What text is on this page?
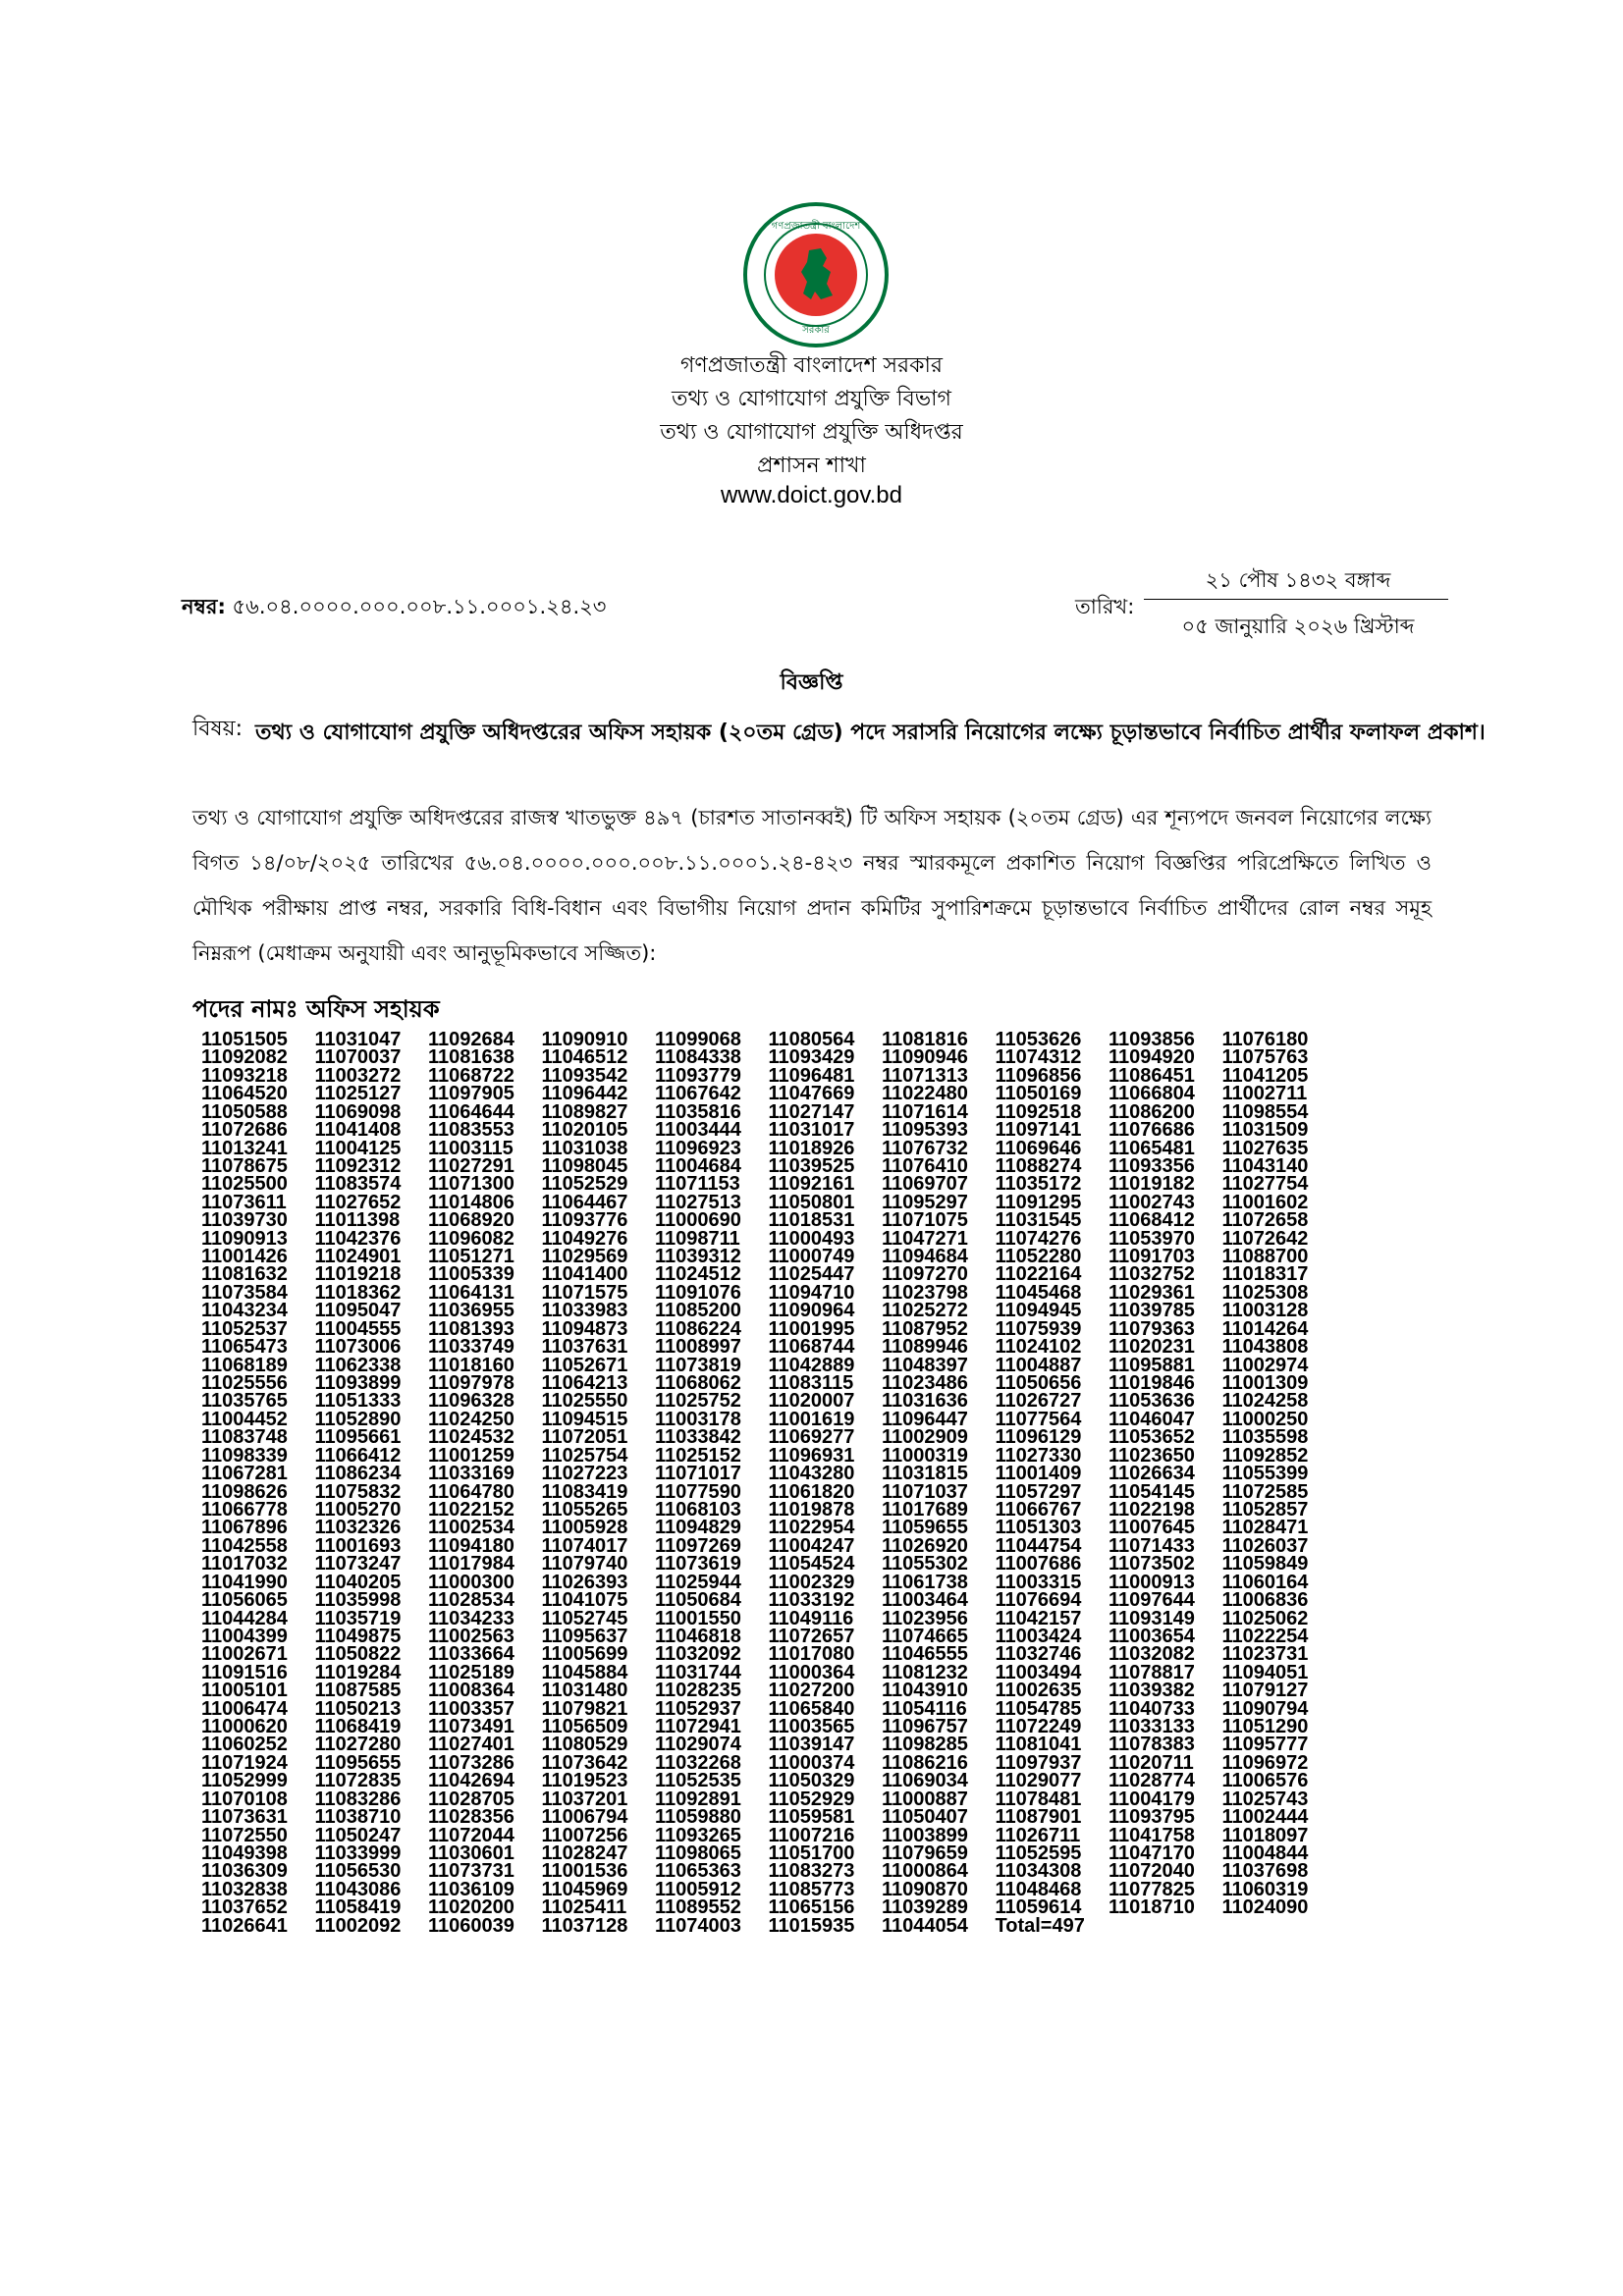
গণপ্রজাতন্ত্রী বাংলাদেশ
সরকার
গণপ্রজাতন্ত্রী বাংলাদেশ সরকার
তথ্য ও যোগাযোগ প্রযুক্তি বিভাগ
তথ্য ও যোগাযোগ প্রযুক্তি অধিদপ্তর
প্রশাসন শাখা
www.doict.gov.bd
নম্বর: ৫৬.০৪.০০০০.০০০.০০৮.১১.০০০১.২৪.২৩	তারিখ:
২১ পৌষ ১৪৩২ বঙ্গাব্দ
০৫ জানুয়ারি ২০২৬ খ্রিস্টাব্দ
বিজ্ঞপ্তি
বিষয়: তথ্য ও যোগাযোগ প্রযুক্তি অধিদপ্তরের অফিস সহায়ক (২০তম গ্রেড) পদে সরাসরি নিয়োগের লক্ষ্যে চূড়ান্তভাবে নির্বাচিত প্রার্থীর ফলাফল প্রকাশ।
তথ্য ও যোগাযোগ প্রযুক্তি অধিদপ্তরের রাজস্ব খাতভুক্ত ৪৯৭ (চারশত সাতানব্বই) টি অফিস সহায়ক (২০তম গ্রেড) এর শূন্যপদে জনবল নিয়োগের লক্ষ্যে বিগত ১৪/০৮/২০২৫ তারিখের ৫৬.০৪.০০০০.০০০.০০৮.১১.০০০১.২৪-৪২৩ নম্বর স্মারকমূলে প্রকাশিত নিয়োগ বিজ্ঞপ্তির পরিপ্রেক্ষিতে লিখিত ও মৌখিক পরীক্ষায় প্রাপ্ত নম্বর, সরকারি বিধি-বিধান এবং বিভাগীয় নিয়োগ প্রদান কমিটির সুপারিশক্রমে চূড়ান্তভাবে নির্বাচিত প্রার্থীদের রোল নম্বর সমূহ নিম্নরূপ (মেধাক্রম অনুযায়ী এবং আনুভূমিকভাবে সজ্জিত):
পদের নামঃ অফিস সহায়ক
11051505 11031047 11092684 11090910 11099068 11080564 11081816 11053626 11093856 11076180
11092082 11070037 11081638 11046512 11084338 11093429 11090946 11074312 11094920 11075763
11093218 11003272 11068722 11093542 11093779 11096481 11071313 11096856 11086451 11041205
11064520 11025127 11097905 11096442 11067642 11047669 11022480 11050169 11066804 11002711
11050588 11069098 11064644 11089827 11035816 11027147 11071614 11092518 11086200 11098554
11072686 11041408 11083553 11020105 11003444 11031017 11095393 11097141 11076686 11031509
11013241 11004125 11003115 11031038 11096923 11018926 11076732 11069646 11065481 11027635
11078675 11092312 11027291 11098045 11004684 11039525 11076410 11088274 11093356 11043140
11025500 11083574 11071300 11052529 11071153 11092161 11069707 11035172 11019182 11027754
11073611 11027652 11014806 11064467 11027513 11050801 11095297 11091295 11002743 11001602
11039730 11011398 11068920 11093776 11000690 11018531 11071075 11031545 11068412 11072658
11090913 11042376 11096082 11049276 11098711 11000493 11047271 11074276 11053970 11072642
11001426 11024901 11051271 11029569 11039312 11000749 11094684 11052280 11091703 11088700
11081632 11019218 11005339 11041400 11024512 11025447 11097270 11022164 11032752 11018317
11073584 11018362 11064131 11071575 11091076 11094710 11023798 11045468 11029361 11025308
11043234 11095047 11036955 11033983 11085200 11090964 11025272 11094945 11039785 11003128
11052537 11004555 11081393 11094873 11086224 11001995 11087952 11075939 11079363 11014264
11065473 11073006 11033749 11037631 11008997 11068744 11089946 11024102 11020231 11043808
11068189 11062338 11018160 11052671 11073819 11042889 11048397 11004887 11095881 11002974
11025556 11093899 11097978 11064213 11068062 11083115 11023486 11050656 11019846 11001309
11035765 11051333 11096328 11025550 11025752 11020007 11031636 11026727 11053636 11024258
11004452 11052890 11024250 11094515 11003178 11001619 11096447 11077564 11046047 11000250
11083748 11095661 11024532 11072051 11033842 11069277 11002909 11096129 11053652 11035598
11098339 11066412 11001259 11025754 11025152 11096931 11000319 11027330 11023650 11092852
11067281 11086234 11033169 11027223 11071017 11043280 11031815 11001409 11026634 11055399
11098626 11075832 11064780 11083419 11077590 11061820 11071037 11057297 11054145 11072585
11066778 11005270 11022152 11055265 11068103 11019878 11017689 11066767 11022198 11052857
11067896 11032326 11002534 11005928 11094829 11022954 11059655 11051303 11007645 11028471
11042558 11001693 11094180 11074017 11097269 11004247 11026920 11044754 11071433 11026037
11017032 11073247 11017984 11079740 11073619 11054524 11055302 11007686 11073502 11059849
11041990 11040205 11000300 11026393 11025944 11002329 11061738 11003315 11000913 11060164
11056065 11035998 11028534 11041075 11050684 11033192 11003464 11076694 11097644 11006836
11044284 11035719 11034233 11052745 11001550 11049116 11023956 11042157 11093149 11025062
11004399 11049875 11002563 11095637 11046818 11072657 11074665 11003424 11003654 11022254
11002671 11050822 11033664 11005699 11032092 11017080 11046555 11032746 11032082 11023731
11091516 11019284 11025189 11045884 11031744 11000364 11081232 11003494 11078817 11094051
11005101 11087585 11008364 11031480 11028235 11027200 11043910 11002635 11039382 11079127
11006474 11050213 11003357 11079821 11052937 11065840 11054116 11054785 11040733 11090794
11000620 11068419 11073491 11056509 11072941 11003565 11096757 11072249 11033133 11051290
11060252 11027280 11027401 11080529 11029074 11039147 11098285 11081041 11078383 11095777
11071924 11095655 11073286 11073642 11032268 11000374 11086216 11097937 11020711 11096972
11052999 11072835 11042694 11019523 11052535 11050329 11069034 11029077 11028774 11006576
11070108 11083286 11028705 11037201 11092891 11052929 11000887 11078481 11004179 11025743
11073631 11038710 11028356 11006794 11059880 11059581 11050407 11087901 11093795 11002444
11072550 11050247 11072044 11007256 11093265 11007216 11003899 11026711 11041758 11018097
11049398 11033999 11030601 11028247 11098065 11051700 11079659 11052595 11047170 11004844
11036309 11056530 11073731 11001536 11065363 11083273 11000864 11034308 11072040 11037698
11032838 11043086 11036109 11045969 11005912 11085773 11090870 11048468 11077825 11060319
11037652 11058419 11020200 11025411 11089552 11065156 11039289 11059614 11018710 11024090
11026641 11002092 11060039 11037128 11074003 11015935 11044054 Total=497
